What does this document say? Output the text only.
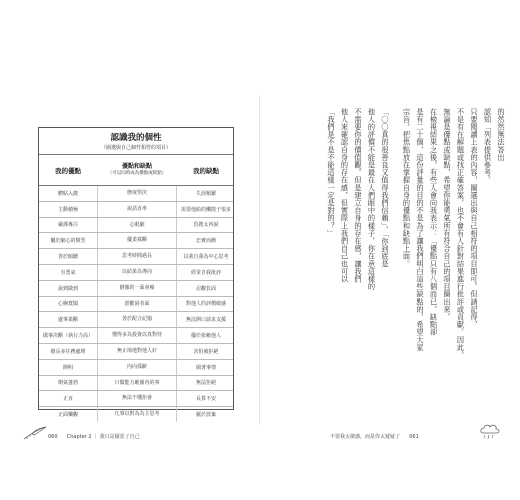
認識我的個性
（圈選與自己個性相符的項目）
我的優點	優點和缺點
（可以同時成為優點或缺點）	我的缺點
體貼入微	態度堅決	失誤頻繁
主動積極	說話直率	需要他給的懶散子很多
嚴謹專注	心眼細	負擔太再說
屬於細心的類型	優柔寡斷	忠實而衝
善於傾聽	思考時間過長	以我自我為中心思考
有勇氣	以結果為導向	經常自我批評
說到做到	猶豫的一面會頻	忍觀負面
心胸寬闊	愿歡固者面	對他人的評價敏感
處事果斷	善於配合記憶	無法開口請求支援
做事決斷（執行力高）	懂得多為投資以真對待	優於依賴他人
擅長多任務處理	無止境地對他人好	害怕被拒絕
開明	內向孤僻	圍著事情
朝氣蓬勃	只做能力範圍內的事	無法拒絕
正直	無法不懂拒會	長算不安
正面樂觀	凡事以對為為主思考	厭於放棄
060 Chapter 2 ｜ 我只是厭惡了自己
的然然無法答出
認知「列表提供參考。
只要閱讀上表的內容，圈選出與自己相符的項目即可。但請記得，
不是有在解題或找正確答案，也不會有人針對結果進行批評或貢獻。因此，
無論是優點或缺點，希望你能勇氣所有符合自己的項目圈出來。
在檢視結果之後，有些人會向我表示：「優點只有八個而已，缺點卻
是有二十個，這份評量的目的不是為了讓我們明白這些缺點的，希望大家
宗旨，把焦點放在掌握自身的優點和缺點上面。
「〇〇真的很善良又值得我們信賴」、「你到底是
他人的評價不能是最在人們眼中的樣子，你在意這樣的
不需要你的價值觀。但是建立自身的存在感，讓我們
他人來確認自身的存在感，但實際上我們自己也可以
「我們是不是不能這樣一定是對的？」
不要我太敏感，而是你太遲疑了 061
